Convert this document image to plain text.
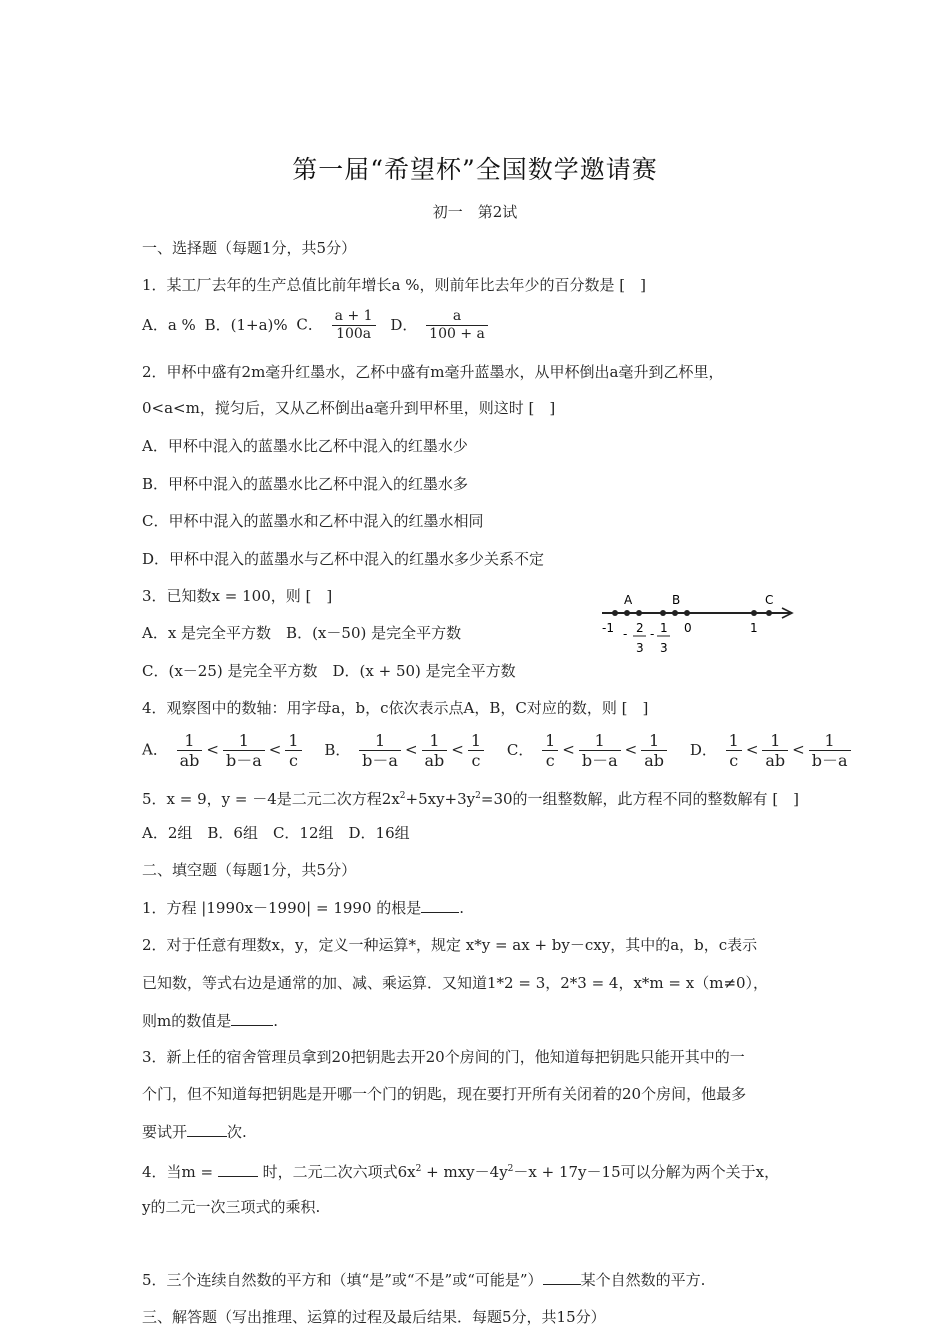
第一届“希望杯”全国数学邀请赛
初一　第2试
一、选择题（每题1分，共5分）
1．某工厂去年的生产总值比前年增长a %，则前年比去年少的百分数是 [　]
A．a % B．(1+a)% C． $\frac{a + 1}{100a}$ D． $\frac{a}{100 + a}$
2．甲杯中盛有2m毫升红墨水，乙杯中盛有m毫升蓝墨水，从甲杯倒出a毫升到乙杯里，
0<a<m，搅匀后，又从乙杯倒出a毫升到甲杯里，则这时 [　]
A．甲杯中混入的蓝墨水比乙杯中混入的红墨水少
B．甲杯中混入的蓝墨水比乙杯中混入的红墨水多
C．甲杯中混入的蓝墨水和乙杯中混入的红墨水相同
D．甲杯中混入的蓝墨水与乙杯中混入的红墨水多少关系不定
3．已知数x = 100，则 [　]
A．x 是完全平方数　B．(x－50) 是完全平方数
C．(x－25) 是完全平方数　D．(x + 50) 是完全平方数
A	B	C
-1	0	1
- 2
3
- 1
3
4．观察图中的数轴：用字母a，b，c依次表示点A，B，C对应的数，则 [　]
A． $\frac{1}{ab} < \frac{1}{b-a} < \frac{1}{c}$ B． $\frac{1}{b-a} < \frac{1}{ab} < \frac{1}{c}$ C． $\frac{1}{c} < \frac{1}{b-a} < \frac{1}{ab}$ D． $\frac{1}{c} < \frac{1}{ab} < \frac{1}{b-a}$
5．x = 9，y = －4是二元二次方程$2x^2+5xy+3y^2=30$的一组整数解，此方程不同的整数解有 [　]
A．2组　B．6组　C．12组　D．16组
二、填空题（每题1分，共5分）
1．方程 |1990x－1990| = 1990 的根是	.
2．对于任意有理数x，y，定义一种运算*，规定 x*y = ax + by－cxy，其中的a，b，c表示
已知数，等式右边是通常的加、减、乘运算．又知道1*2 = 3，2*3 = 4，x*m = x（m≠0），
则m的数值是	.
3．新上任的宿舍管理员拿到20把钥匙去开20个房间的门，他知道每把钥匙只能开其中的一
个门，但不知道每把钥匙是开哪一个门的钥匙，现在要打开所有关闭着的20个房间，他最多
要试开	次.
4．当m =	时，二元二次六项式$6x^2 + mxy-4y^2-x + 17y-15$可以分解为两个关于x，
y的二元一次三项式的乘积.
5．三个连续自然数的平方和（填“是”或“不是”或“可能是”）	某个自然数的平方.
三、解答题（写出推理、运算的过程及最后结果．每题5分，共15分）
